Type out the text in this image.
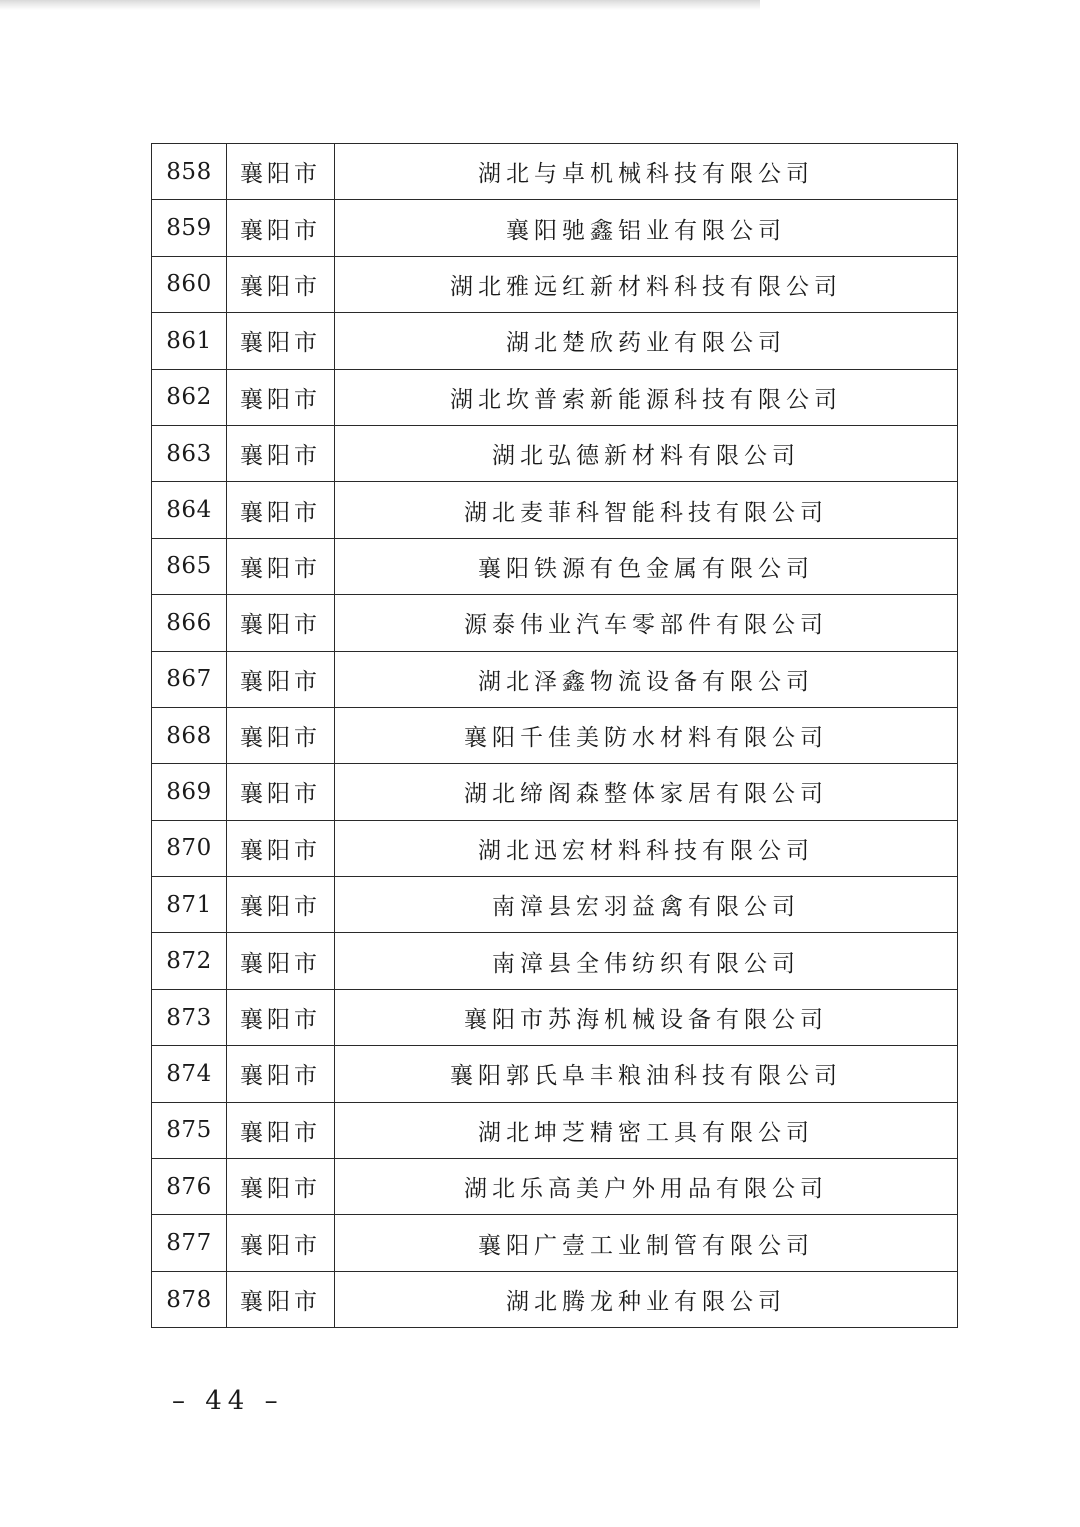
858	襄阳市	湖北与卓机械科技有限公司
859	襄阳市	襄阳驰鑫铝业有限公司
860	襄阳市	湖北雅远红新材料科技有限公司
861	襄阳市	湖北楚欣药业有限公司
862	襄阳市	湖北坎普索新能源科技有限公司
863	襄阳市	湖北弘德新材料有限公司
864	襄阳市	湖北麦菲科智能科技有限公司
865	襄阳市	襄阳铁源有色金属有限公司
866	襄阳市	源泰伟业汽车零部件有限公司
867	襄阳市	湖北泽鑫物流设备有限公司
868	襄阳市	襄阳千佳美防水材料有限公司
869	襄阳市	湖北缔阁森整体家居有限公司
870	襄阳市	湖北迅宏材料科技有限公司
871	襄阳市	南漳县宏羽益禽有限公司
872	襄阳市	南漳县全伟纺织有限公司
873	襄阳市	襄阳市苏海机械设备有限公司
874	襄阳市	襄阳郭氏阜丰粮油科技有限公司
875	襄阳市	湖北坤芝精密工具有限公司
876	襄阳市	湖北乐高美户外用品有限公司
877	襄阳市	襄阳广壹工业制管有限公司
878	襄阳市	湖北腾龙种业有限公司
– 44 –
